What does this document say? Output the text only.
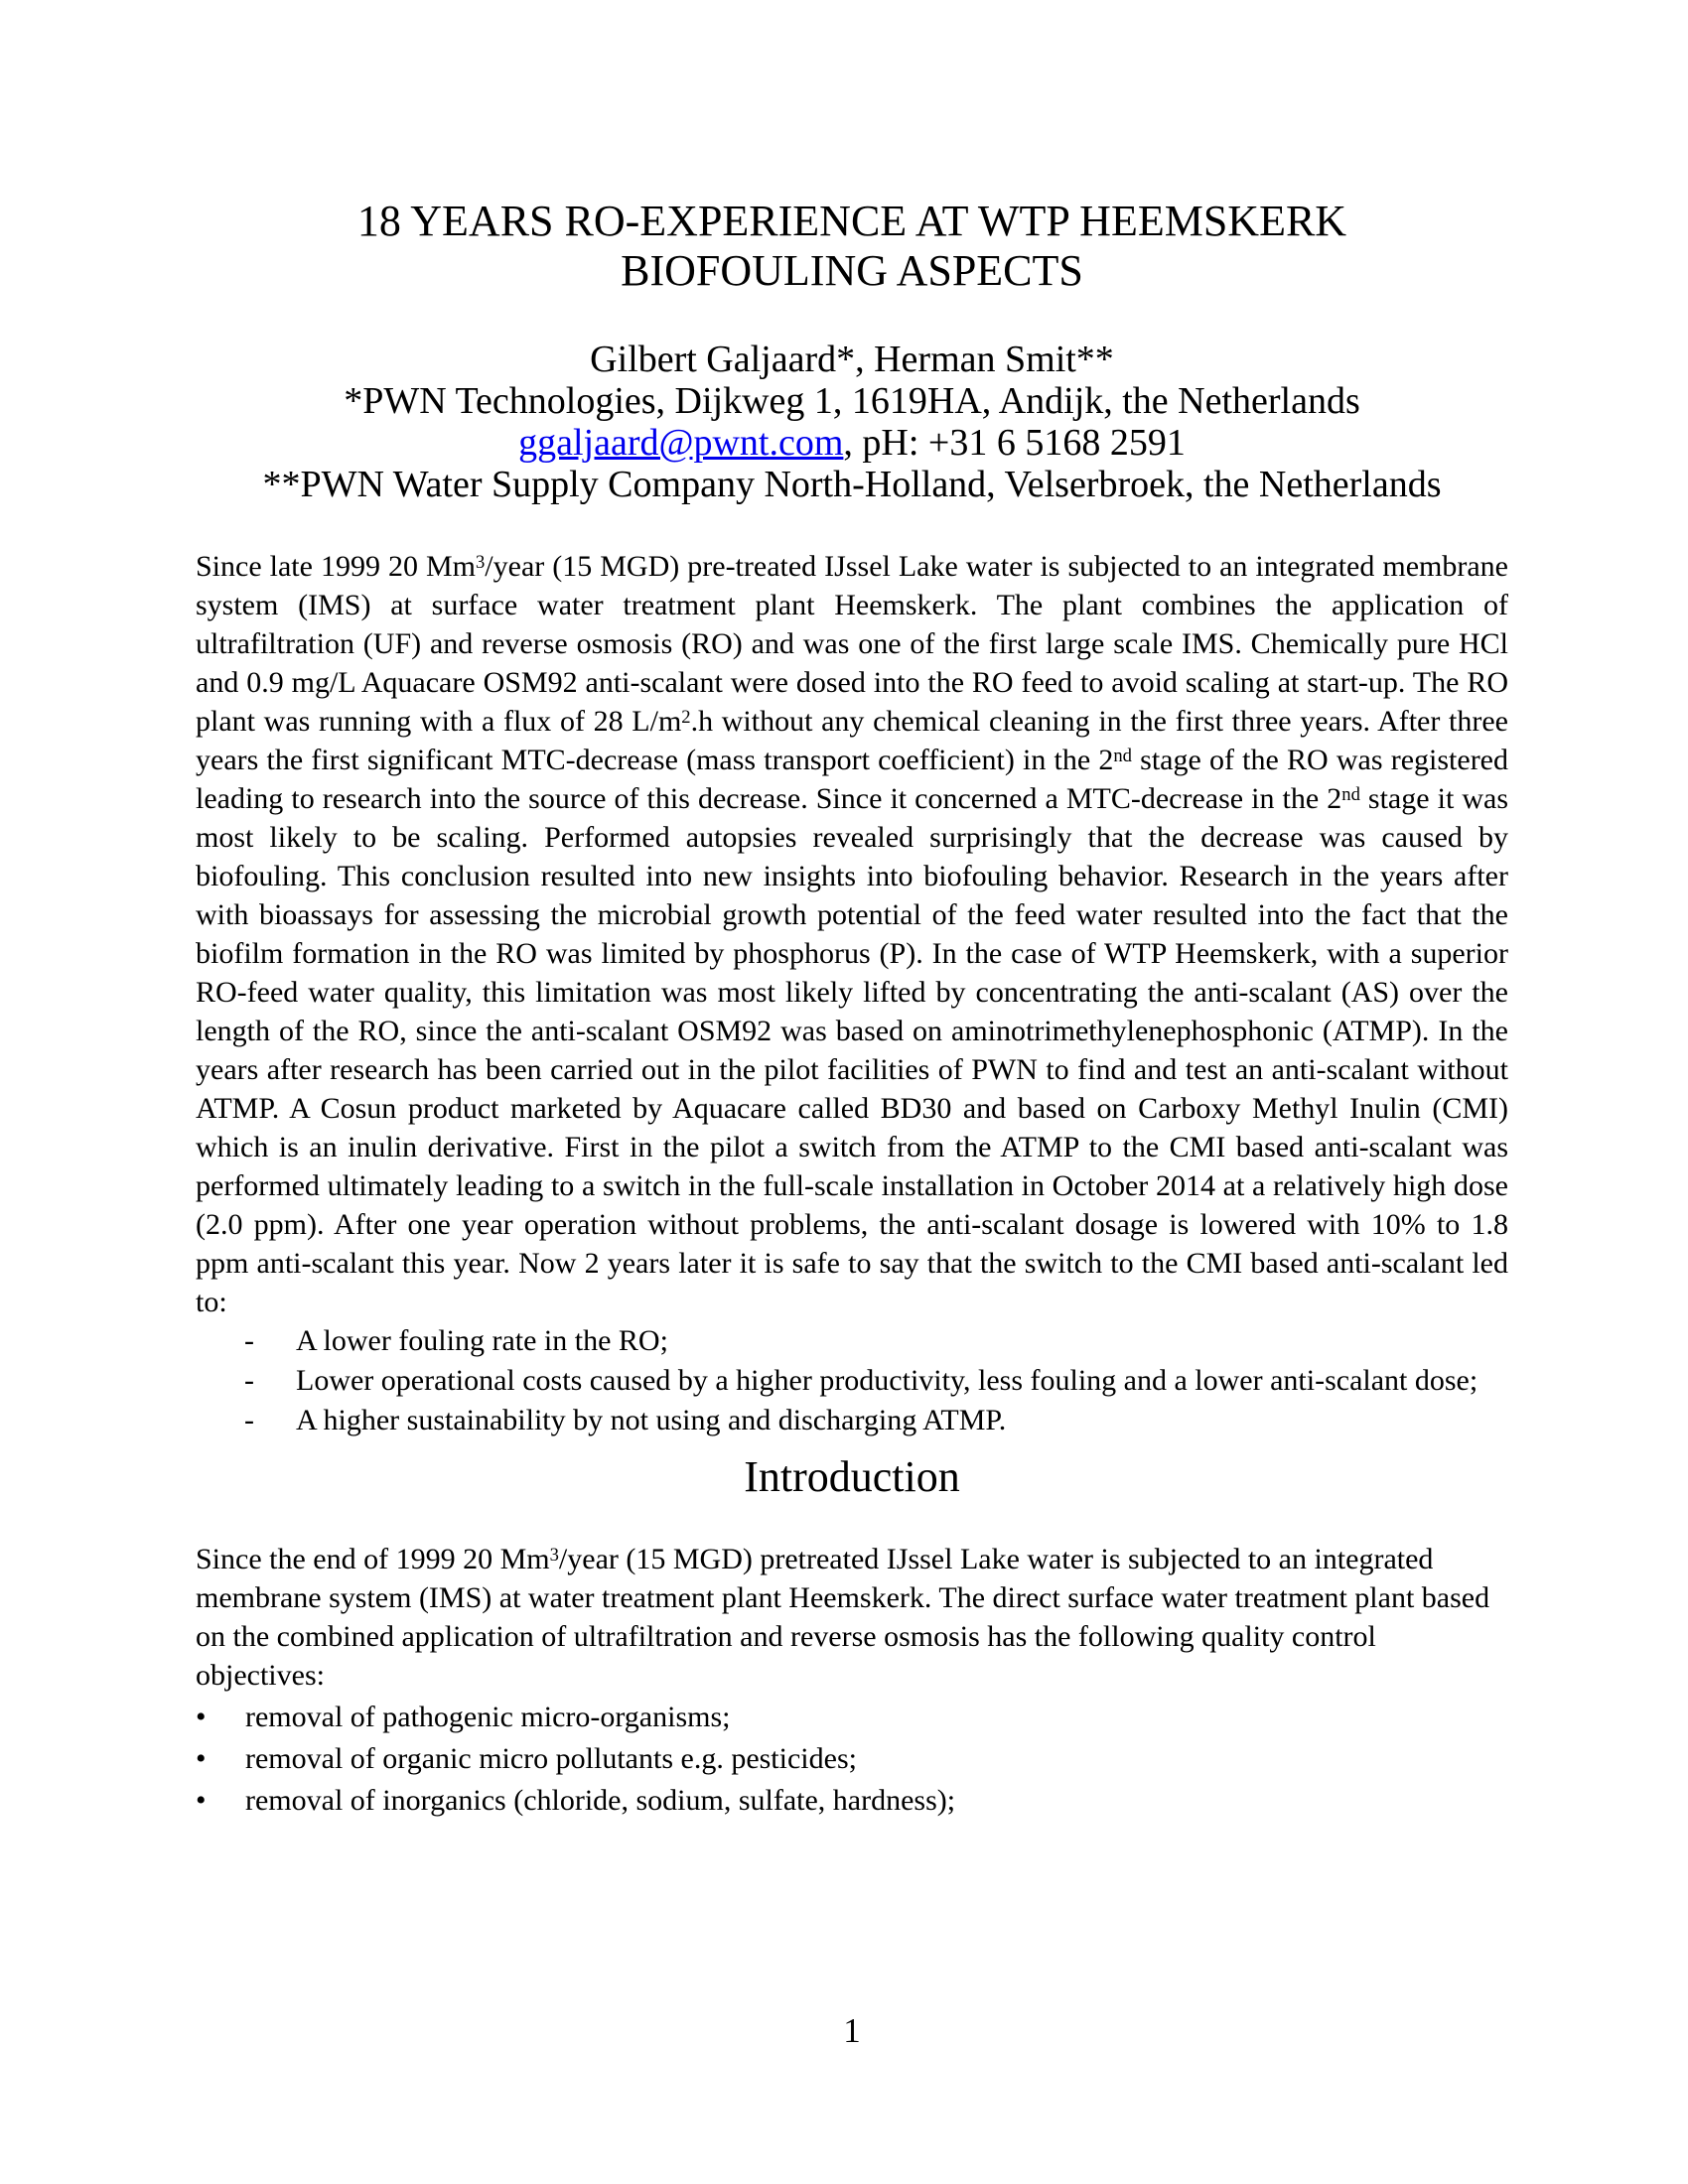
18 YEARS RO-EXPERIENCE AT WTP HEEMSKERK
BIOFOULING ASPECTS
Gilbert Galjaard*, Herman Smit**
*PWN Technologies, Dijkweg 1, 1619HA, Andijk, the Netherlands
ggaljaard@pwnt.com, pH: +31 6 5168 2591
**PWN Water Supply Company North-Holland, Velserbroek, the Netherlands

Since late 1999 20 Mm$^3$/year (15 MGD) pre-treated IJssel Lake water is subjected to an integrated membrane system (IMS) at surface water treatment plant Heemskerk. The plant combines the application of ultrafiltration (UF) and reverse osmosis (RO) and was one of the first large scale IMS. Chemically pure HCl and 0.9 mg/L Aquacare OSM92 anti-scalant were dosed into the RO feed to avoid scaling at start-up. The RO plant was running with a flux of 28 $L/m^2.h$ without any chemical cleaning in the first three years. After three years the first significant MTC-decrease (mass transport coefficient) in the 2nd stage of the RO was registered leading to research into the source of this decrease. Since it concerned a MTC-decrease in the 2nd stage it was most likely to be scaling. Performed autopsies revealed surprisingly that the decrease was caused by biofouling. This conclusion resulted into new insights into biofouling behavior. Research in the years after with bioassays for assessing the microbial growth potential of the feed water resulted into the fact that the biofilm formation in the RO was limited by phosphorus (P). In the case of WTP Heemskerk, with a superior RO-feed water quality, this limitation was most likely lifted by concentrating the anti-scalant (AS) over the length of the RO, since the anti-scalant OSM92 was based on aminotrimethylenephosphonic (ATMP). In the years after research has been carried out in the pilot facilities of PWN to find and test an anti-scalant without ATMP. A Cosun product marketed by Aquacare called BD30 and based on Carboxy Methyl Inulin (CMI) which is an inulin derivative. First in the pilot a switch from the ATMP to the CMI based anti-scalant was performed ultimately leading to a switch in the full-scale installation in October 2014 at a relatively high dose (2.0 ppm). After one year operation without problems, the anti-scalant dosage is lowered with 10% to 1.8 ppm anti-scalant this year. Now 2 years later it is safe to say that the switch to the CMI based anti-scalant led to:

-	A lower fouling rate in the RO;
-	Lower operational costs caused by a higher productivity, less fouling and a lower anti-scalant dose;
-	A higher sustainability by not using and discharging ATMP.
Introduction

Since the end of 1999 20 Mm$^3$/year (15 MGD) pretreated IJssel Lake water is subjected to an integrated membrane system (IMS) at water treatment plant Heemskerk. The direct surface water treatment plant based on the combined application of ultrafiltration and reverse osmosis has the following quality control objectives:

•	removal of pathogenic micro-organisms;
•	removal of organic micro pollutants e.g. pesticides;
•	removal of inorganics (chloride, sodium, sulfate, hardness);
1
